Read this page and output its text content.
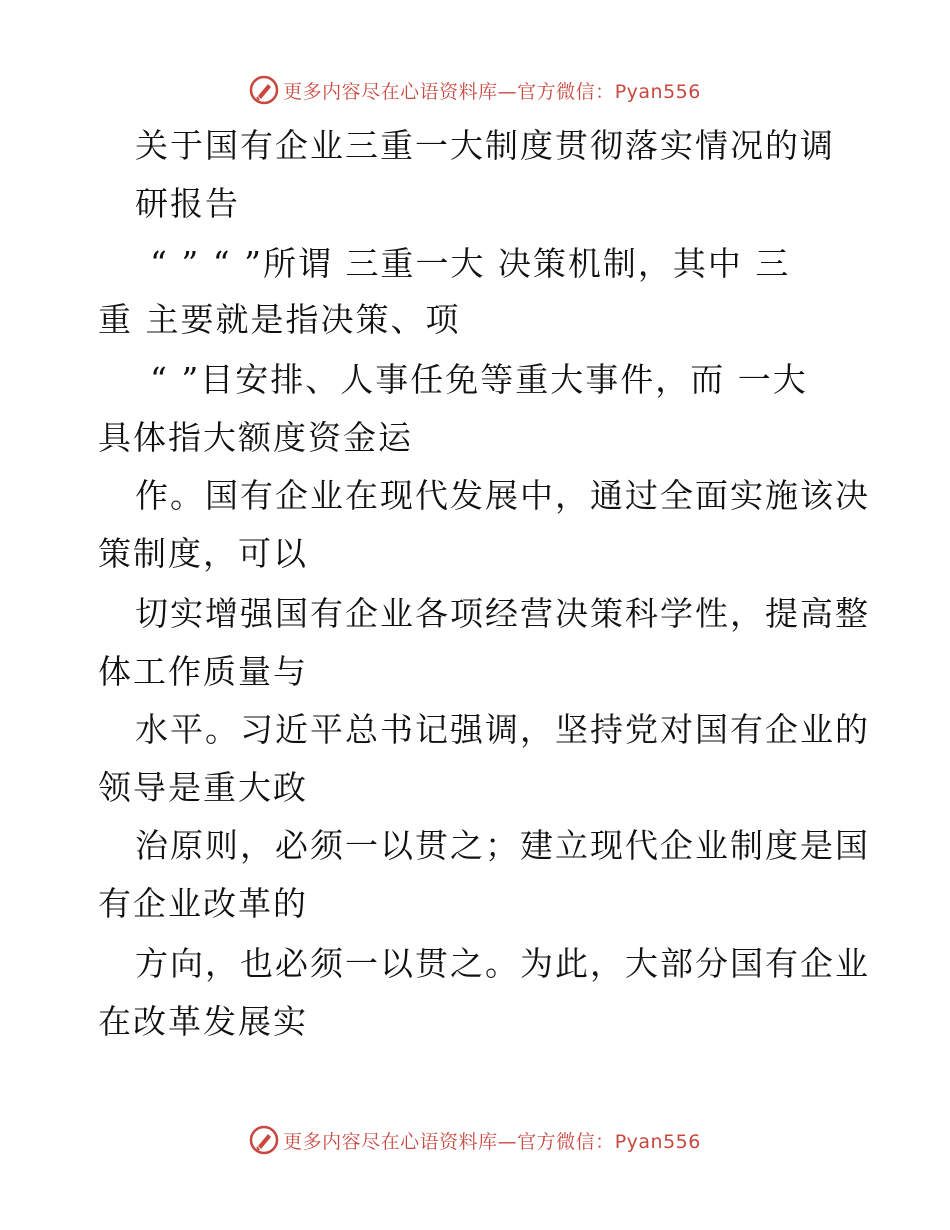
更多内容尽在心语资料库—官方微信：Pyan556
关于国有企业三重一大制度贯彻落实情况的调
研报告
“ ” “ ”所谓 三重一大 决策机制，其中 三
重 主要就是指决策、项
“ ”目安排、人事任免等重大事件，而 一大
具体指大额度资金运
作。国有企业在现代发展中，通过全面实施该决
策制度，可以
切实增强国有企业各项经营决策科学性，提高整
体工作质量与
水平。习近平总书记强调，坚持党对国有企业的
领导是重大政
治原则，必须一以贯之；建立现代企业制度是国
有企业改革的
方向，也必须一以贯之。为此，大部分国有企业
在改革发展实
更多内容尽在心语资料库—官方微信：Pyan556
